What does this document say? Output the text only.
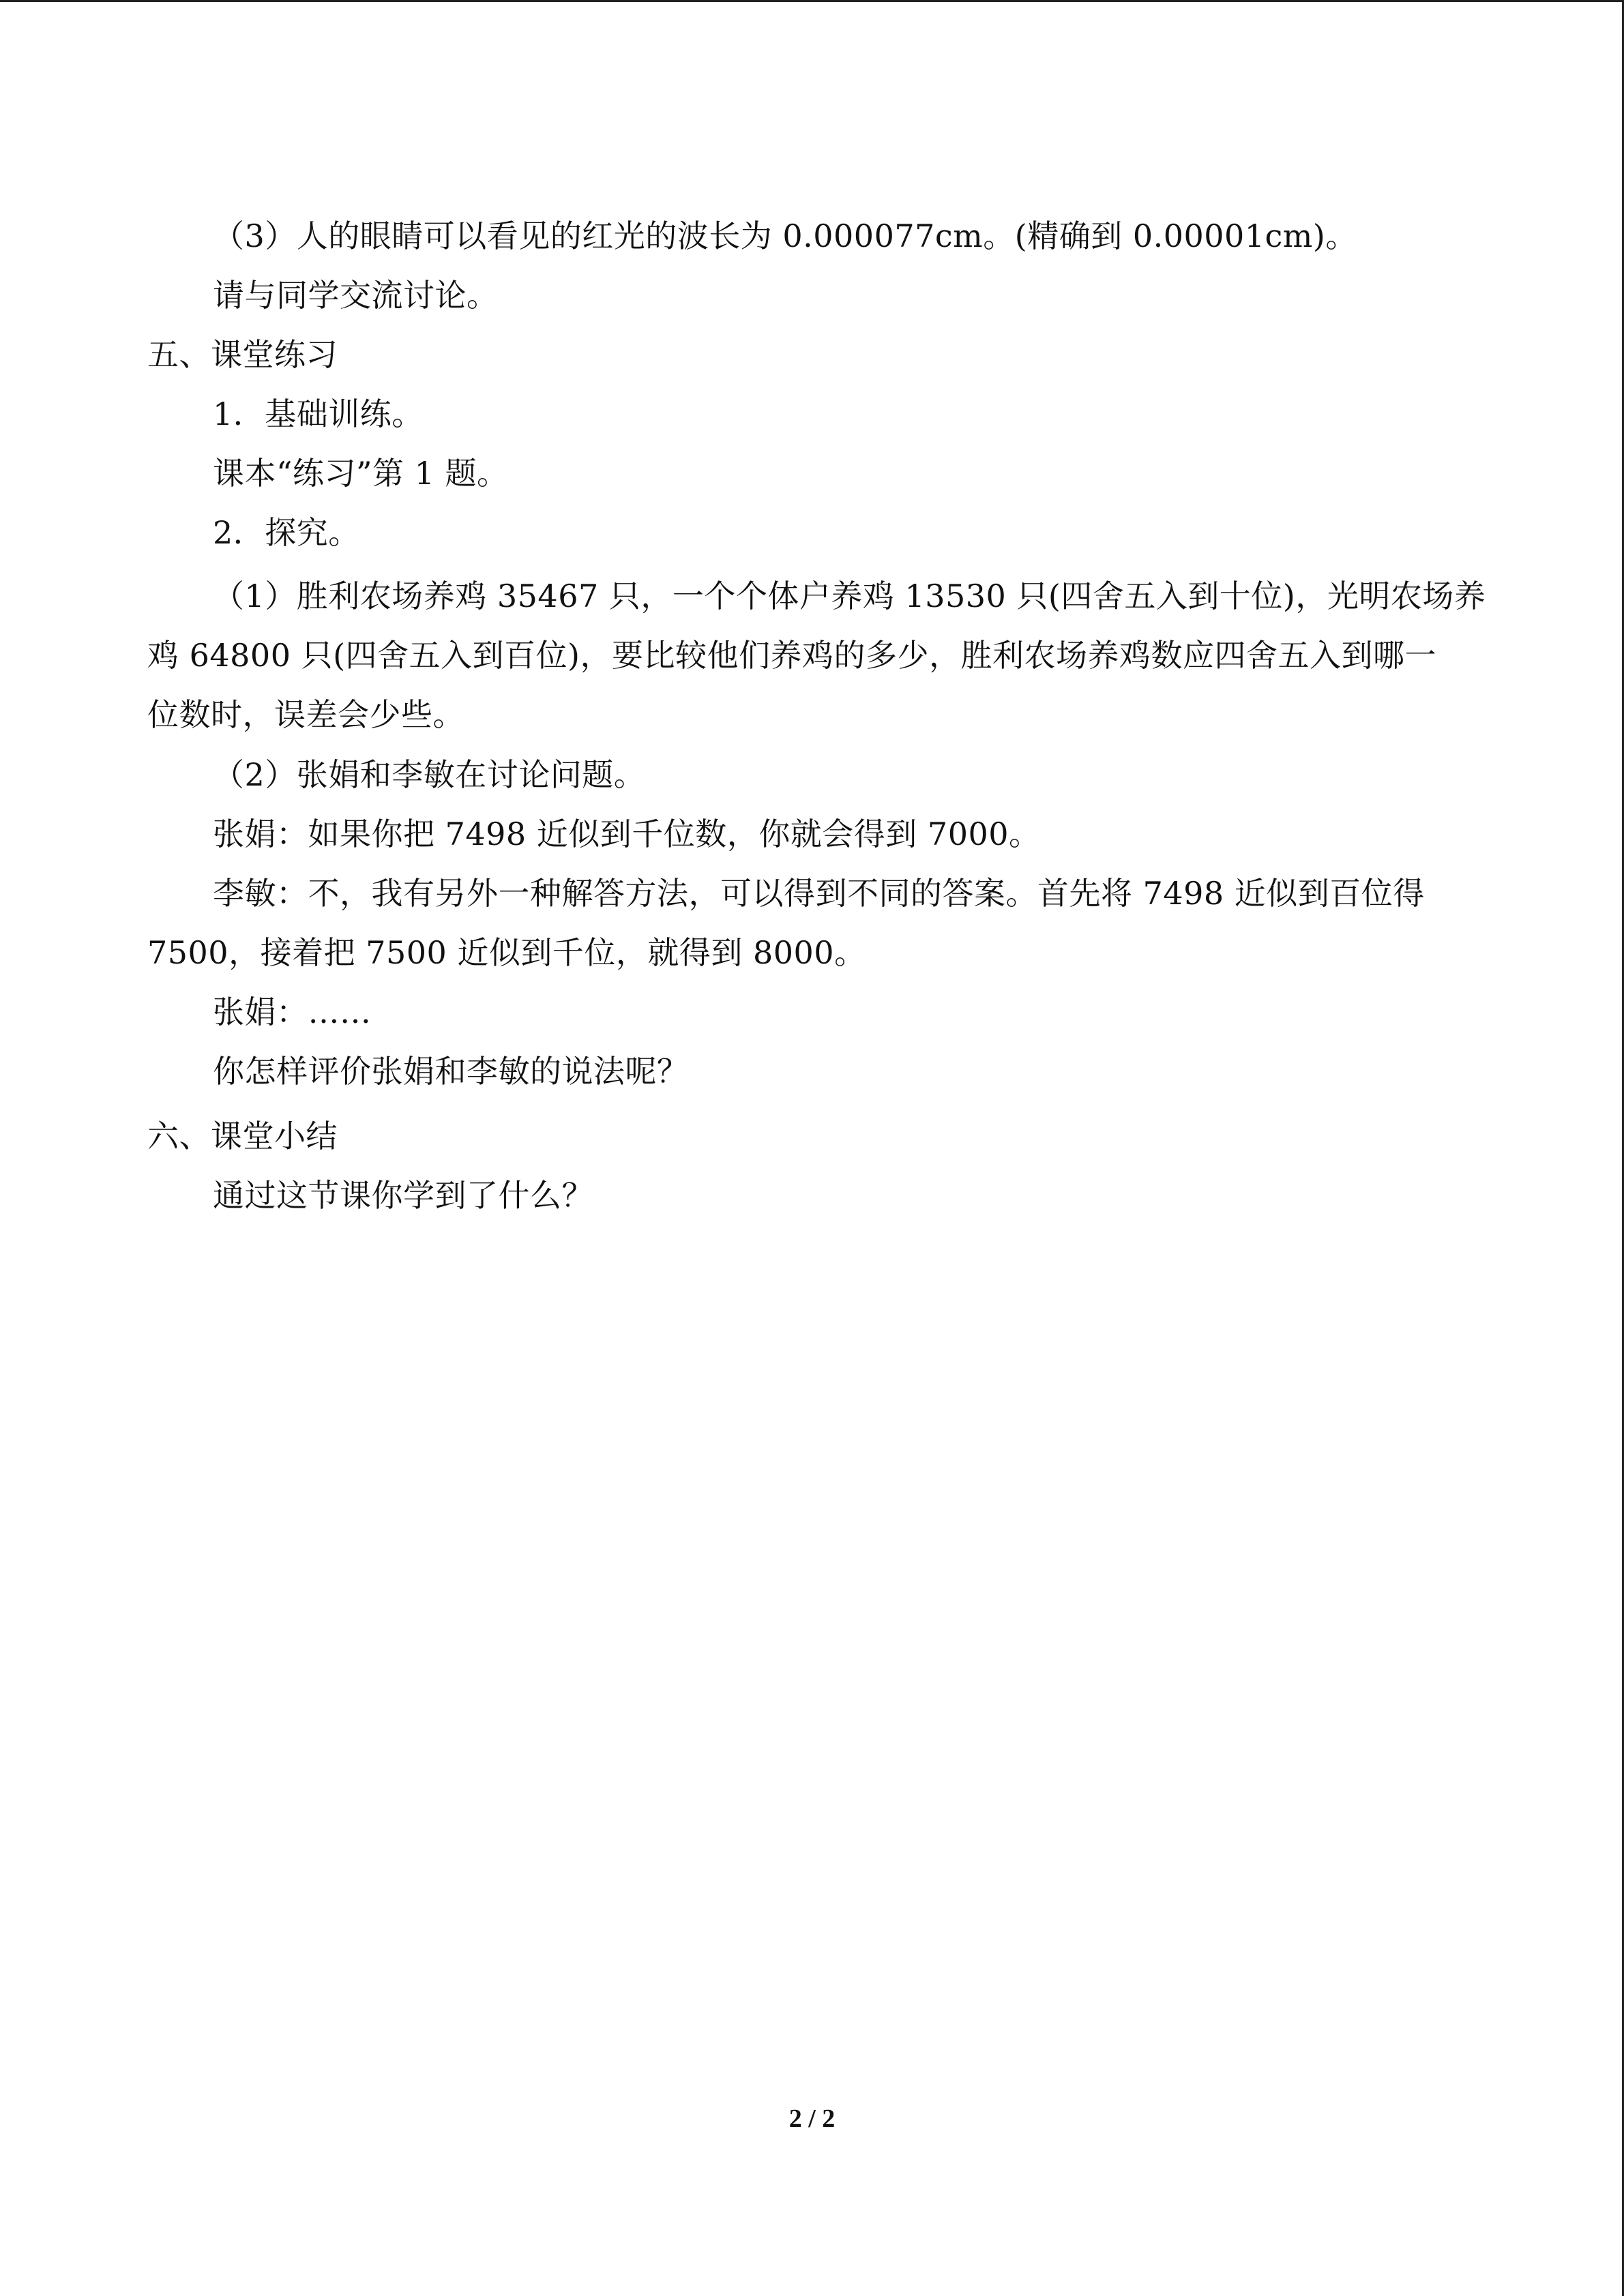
（3）人的眼睛可以看见的红光的波长为 0.000077cm。(精确到 0.00001cm)。
请与同学交流讨论。
五、课堂练习
1．基础训练。
课本“练习”第 1 题。
2．探究。
（1）胜利农场养鸡 35467 只，一个个体户养鸡 13530 只(四舍五入到十位)，光明农场养
鸡 64800 只(四舍五入到百位)，要比较他们养鸡的多少，胜利农场养鸡数应四舍五入到哪一
位数时，误差会少些。
（2）张娟和李敏在讨论问题。
张娟：如果你把 7498 近似到千位数，你就会得到 7000。
李敏：不，我有另外一种解答方法，可以得到不同的答案。首先将 7498 近似到百位得
7500，接着把 7500 近似到千位，就得到 8000。
张娟：……
你怎样评价张娟和李敏的说法呢？
六、课堂小结
通过这节课你学到了什么？
2 / 2
